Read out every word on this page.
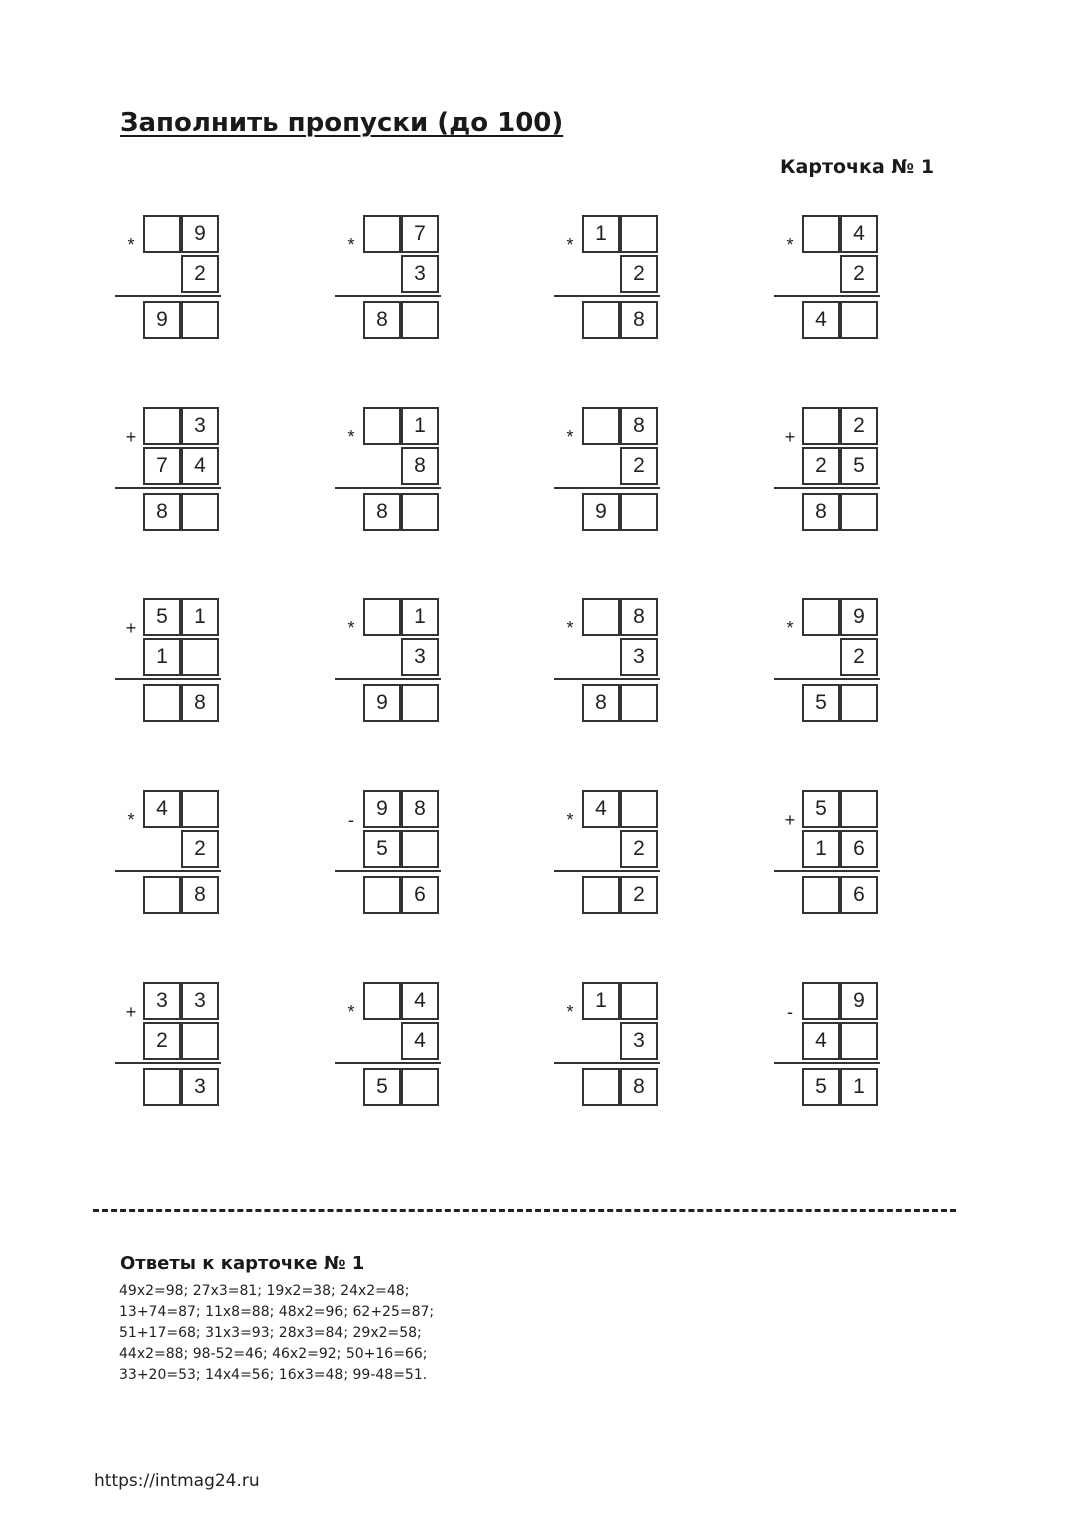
Заполнить пропуски (до 100)
Карточка № 1
*	9
2
9
*	7
3
8
*	1
2
8
*	4
2
4
+	3
7	4
8
*	1
8
8
*	8
2
9
+	2
2	5
8
+ 5	1
1
8
*	1
3
9
*	8
3
8
*	9
2
5
*	4
2
8
-	9	8
5
6
*	4
2
2
+ 5
1	6
6
+ 3	3
2
3
*	4
4
5
*	1
3
8
-	9
4
5	1
Ответы к карточке № 1
49x2=98; 27x3=81; 19x2=38; 24x2=48;
13+74=87; 11x8=88; 48x2=96; 62+25=87;
51+17=68; 31x3=93; 28x3=84; 29x2=58;
44x2=88; 98-52=46; 46x2=92; 50+16=66;
33+20=53; 14x4=56; 16x3=48; 99-48=51.
https://intmag24.ru
